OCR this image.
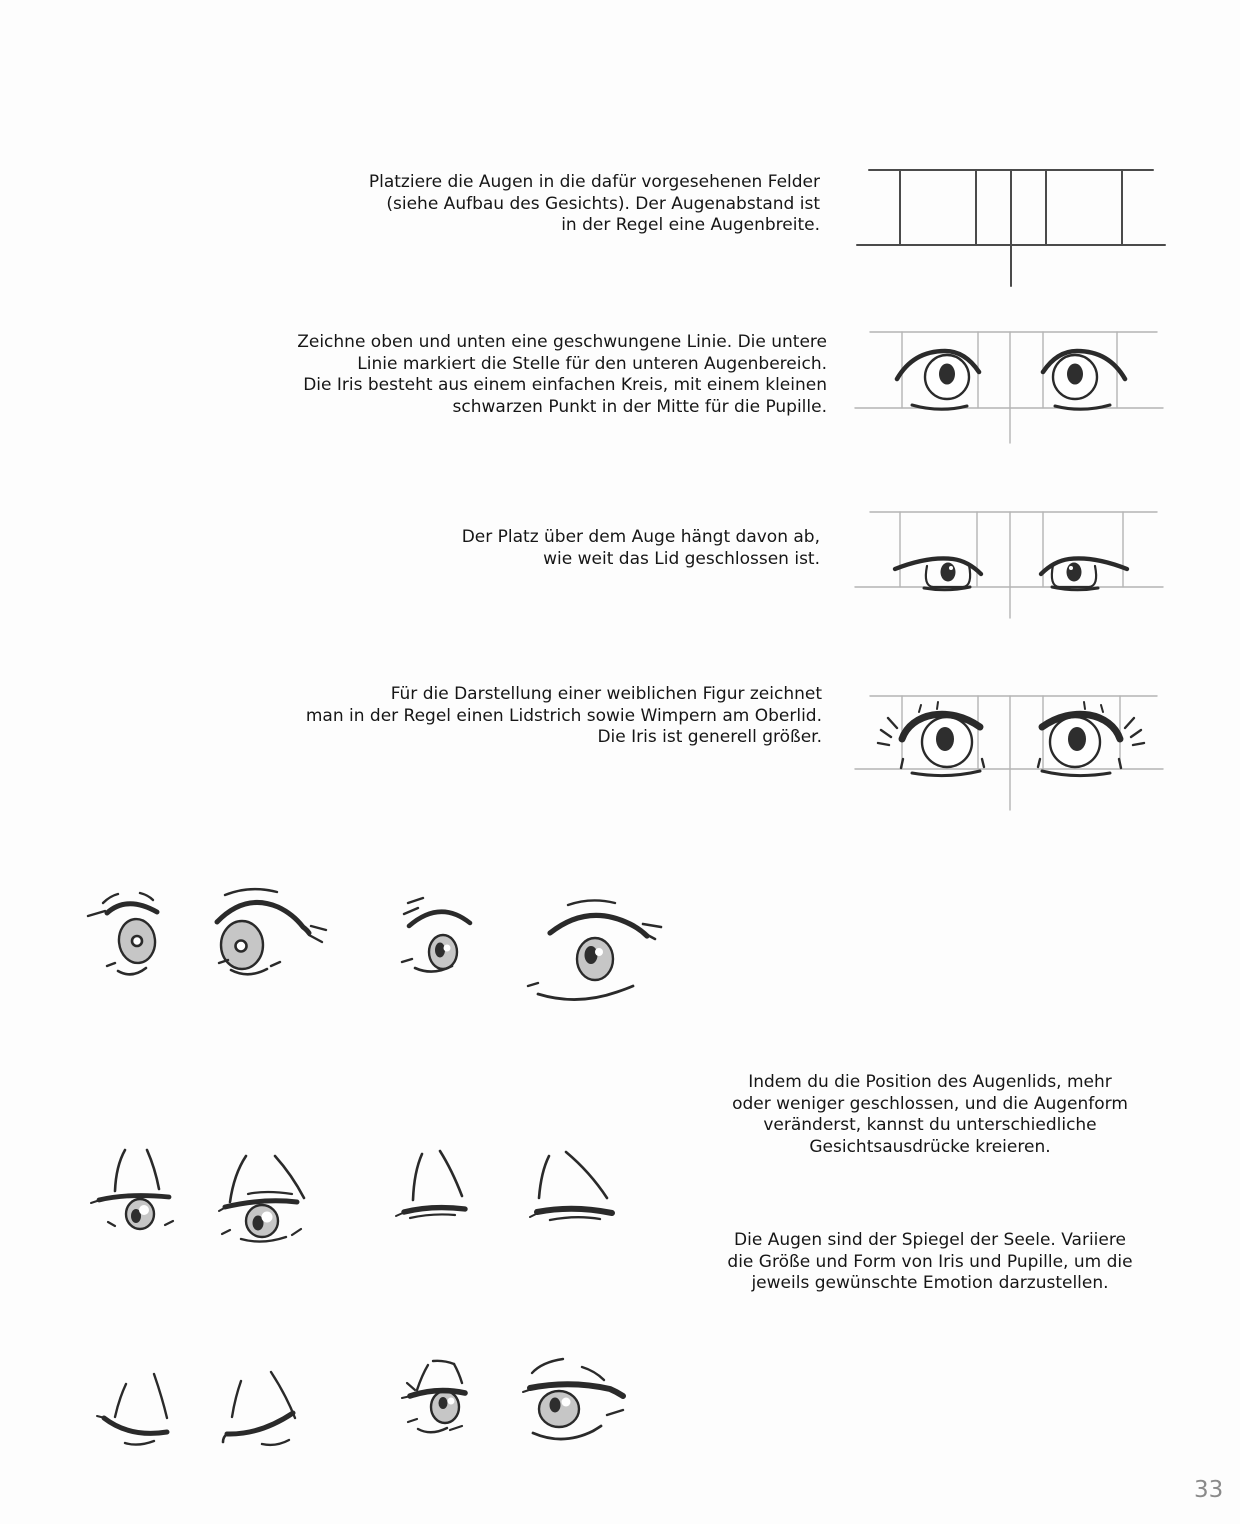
Platziere die Augen in die dafür vorgesehenen Felder
(siehe Aufbau des Gesichts). Der Augenabstand ist
in der Regel eine Augenbreite.
Zeichne oben und unten eine geschwungene Linie. Die untere
Linie markiert die Stelle für den unteren Augenbereich.
Die Iris besteht aus einem einfachen Kreis, mit einem kleinen
schwarzen Punkt in der Mitte für die Pupille.
Der Platz über dem Auge hängt davon ab,
wie weit das Lid geschlossen ist.
Für die Darstellung einer weiblichen Figur zeichnet
man in der Regel einen Lidstrich sowie Wimpern am Oberlid.
Die Iris ist generell größer.
Indem du die Position des Augenlids, mehr
oder weniger geschlossen, und die Augenform
veränderst, kannst du unterschiedliche
Gesichtsausdrücke kreieren.
Die Augen sind der Spiegel der Seele. Variiere
die Größe und Form von Iris und Pupille, um die
jeweils gewünschte Emotion darzustellen.
33
